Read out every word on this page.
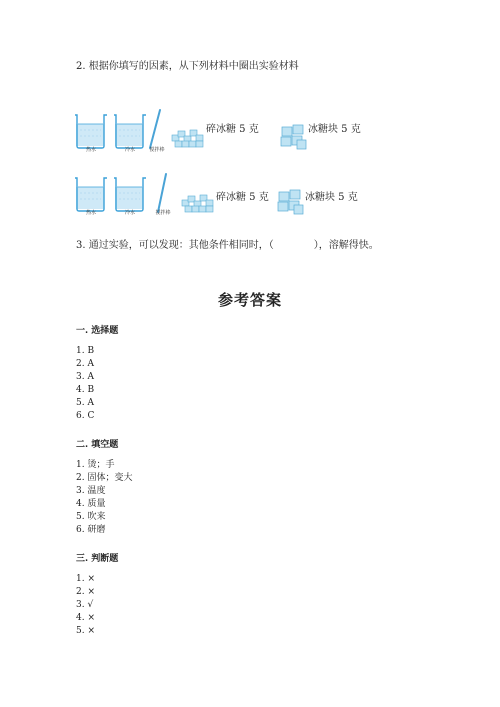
2. 根据你填写的因素，从下列材料中圈出实验材料
热水	冷水	搅拌棒
碎冰糖 5 克	冰糖块 5 克
热水	冷水	搅拌棒
碎冰糖 5 克	冰糖块 5 克
3. 通过实验，可以发现：其他条件相同时，（　　　　），溶解得快。
参考答案
一. 选择题
1. B
2. A
3. A
4. B
5. A
6. C
二. 填空题
1. 烫；手
2. 固体；变大
3. 温度
4. 质量
5. 吹来
6. 研磨
三. 判断题
1. ×
2. ×
3. √
4. ×
5. ×
